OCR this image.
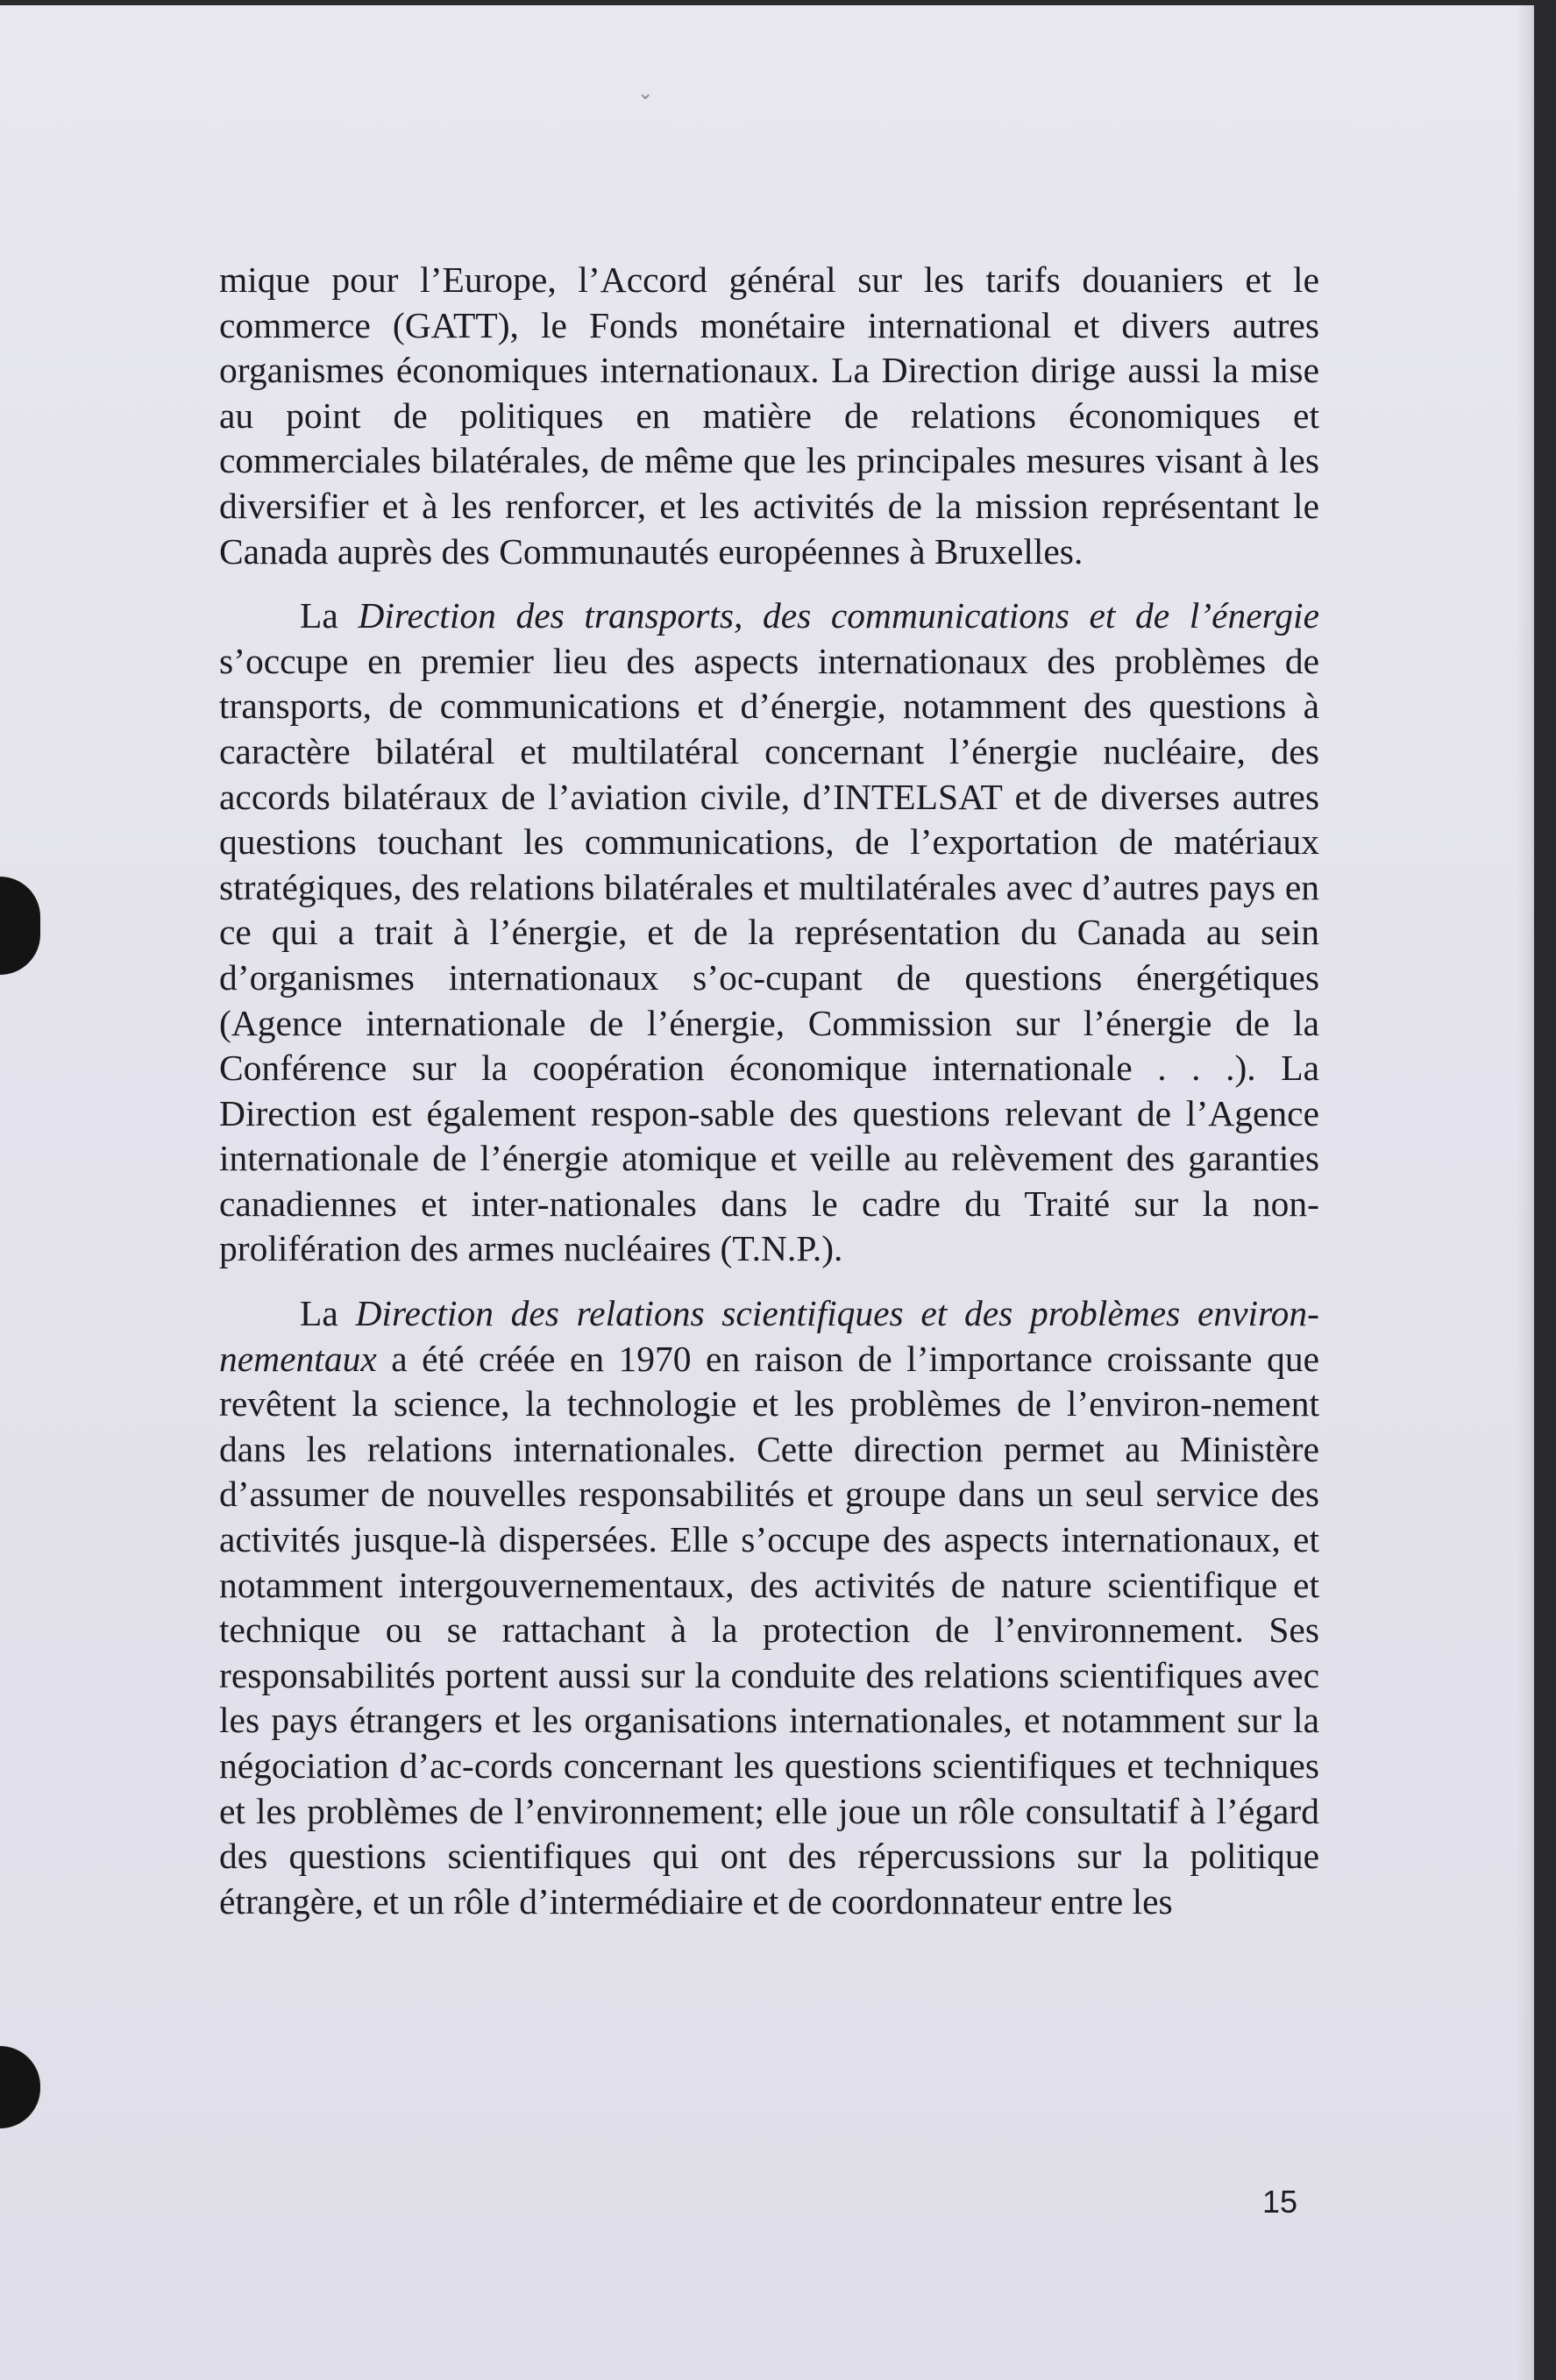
⌄

mique pour l’Europe, l’Accord général sur les tarifs douaniers et le commerce (GATT), le Fonds monétaire international et divers autres organismes économiques internationaux. La Direction dirige aussi la mise au point de politiques en matière de relations économiques et commerciales bilatérales, de même que les principales mesures visant à les diversifier et à les renforcer, et les activités de la mission représentant le Canada auprès des Communautés européennes à Bruxelles.

La Direction des transports, des communications et de l’énergie s’occupe en premier lieu des aspects internationaux des problèmes de transports, de communications et d’énergie, notamment des questions à caractère bilatéral et multilatéral concernant l’énergie nucléaire, des accords bilatéraux de l’aviation civile, d’INTELSAT et de diverses autres questions touchant les communications, de l’exportation de matériaux stratégiques, des relations bilatérales et multilatérales avec d’autres pays en ce qui a trait à l’énergie, et de la représentation du Canada au sein d’organismes internationaux s’oc-cupant de questions énergétiques (Agence internationale de l’énergie, Commission sur l’énergie de la Conférence sur la coopération économique internationale . . .). La Direction est également respon-sable des questions relevant de l’Agence internationale de l’énergie atomique et veille au relèvement des garanties canadiennes et inter-nationales dans le cadre du Traité sur la non-prolifération des armes nucléaires (T.N.P.).

La Direction des relations scientifiques et des problèmes environ-nementaux a été créée en 1970 en raison de l’importance croissante que revêtent la science, la technologie et les problèmes de l’environ-nement dans les relations internationales. Cette direction permet au Ministère d’assumer de nouvelles responsabilités et groupe dans un seul service des activités jusque-là dispersées. Elle s’occupe des aspects internationaux, et notamment intergouvernementaux, des activités de nature scientifique et technique ou se rattachant à la protection de l’environnement. Ses responsabilités portent aussi sur la conduite des relations scientifiques avec les pays étrangers et les organisations internationales, et notamment sur la négociation d’ac-cords concernant les questions scientifiques et techniques et les problèmes de l’environnement; elle joue un rôle consultatif à l’égard des questions scientifiques qui ont des répercussions sur la politique étrangère, et un rôle d’intermédiaire et de coordonnateur entre les

15
